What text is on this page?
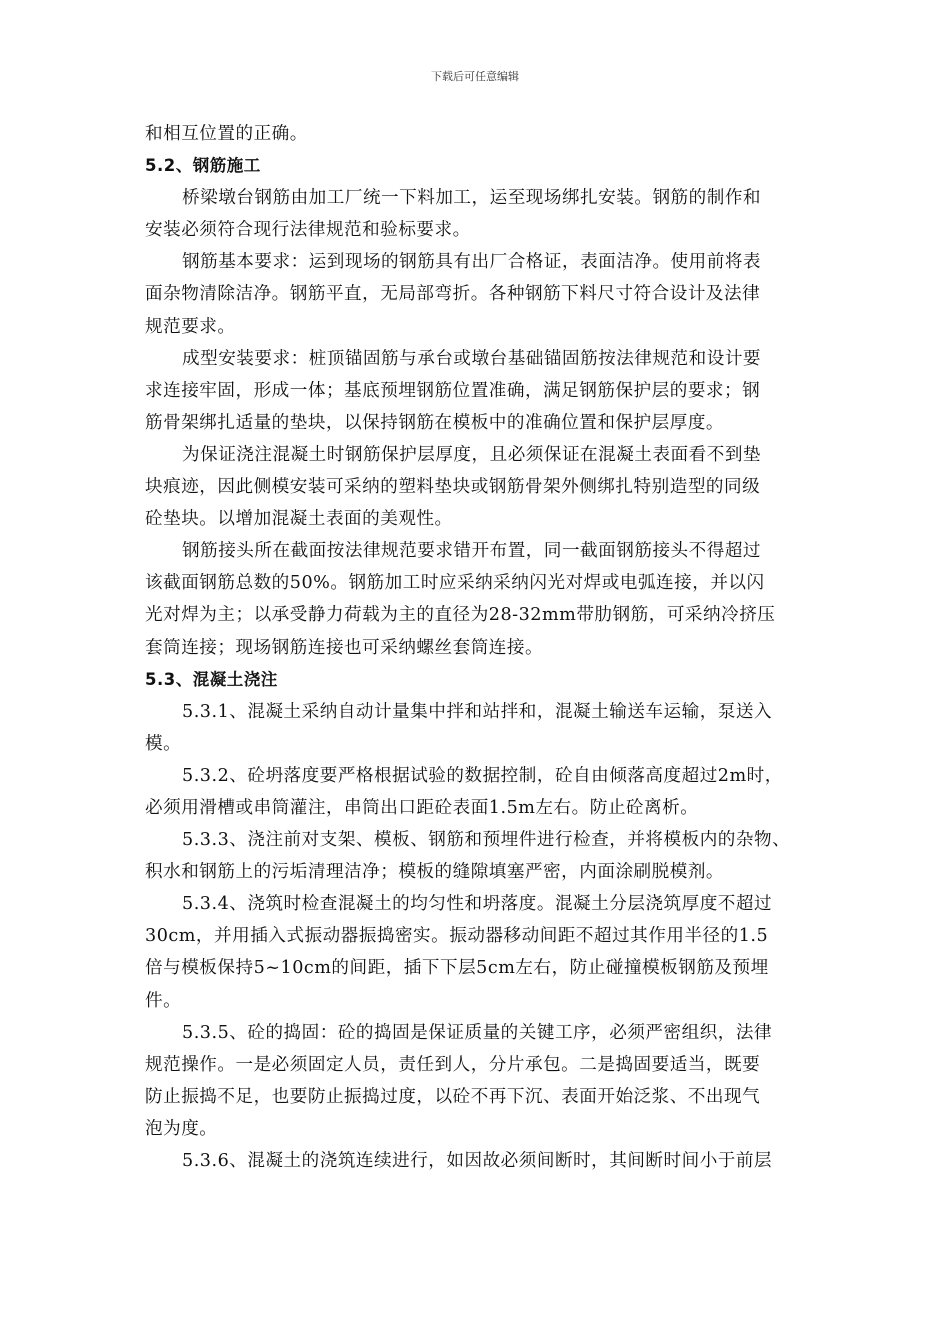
下载后可任意编辑
和相互位置的正确。
5.2、钢筋施工
桥梁墩台钢筋由加工厂统一下料加工，运至现场绑扎安装。钢筋的制作和
安装必须符合现行法律规范和验标要求。
钢筋基本要求：运到现场的钢筋具有出厂合格证，表面洁净。使用前将表
面杂物清除洁净。钢筋平直，无局部弯折。各种钢筋下料尺寸符合设计及法律
规范要求。
成型安装要求：桩顶锚固筋与承台或墩台基础锚固筋按法律规范和设计要
求连接牢固，形成一体；基底预埋钢筋位置准确，满足钢筋保护层的要求；钢
筋骨架绑扎适量的垫块，以保持钢筋在模板中的准确位置和保护层厚度。
为保证浇注混凝土时钢筋保护层厚度，且必须保证在混凝土表面看不到垫
块痕迹，因此侧模安装可采纳的塑料垫块或钢筋骨架外侧绑扎特别造型的同级
砼垫块。以增加混凝土表面的美观性。
钢筋接头所在截面按法律规范要求错开布置，同一截面钢筋接头不得超过
该截面钢筋总数的50%。钢筋加工时应采纳采纳闪光对焊或电弧连接，并以闪
光对焊为主；以承受静力荷载为主的直径为28-32mm带肋钢筋，可采纳冷挤压
套筒连接；现场钢筋连接也可采纳螺丝套筒连接。
5.3、混凝土浇注
5.3.1、混凝土采纳自动计量集中拌和站拌和，混凝土输送车运输，泵送入
模。
5.3.2、砼坍落度要严格根据试验的数据控制，砼自由倾落高度超过2m时，
必须用滑槽或串筒灌注，串筒出口距砼表面1.5m左右。防止砼离析。
5.3.3、浇注前对支架、模板、钢筋和预埋件进行检查，并将模板内的杂物、
积水和钢筋上的污垢清理洁净；模板的缝隙填塞严密，内面涂刷脱模剂。
5.3.4、浇筑时检查混凝土的均匀性和坍落度。混凝土分层浇筑厚度不超过
30cm，并用插入式振动器振捣密实。振动器移动间距不超过其作用半径的1.5
倍与模板保持5~10cm的间距，插下下层5cm左右，防止碰撞模板钢筋及预埋
件。
5.3.5、砼的捣固：砼的捣固是保证质量的关键工序，必须严密组织，法律
规范操作。一是必须固定人员，责任到人，分片承包。二是捣固要适当，既要
防止振捣不足，也要防止振捣过度，以砼不再下沉、表面开始泛浆、不出现气
泡为度。
5.3.6、混凝土的浇筑连续进行，如因故必须间断时，其间断时间小于前层
